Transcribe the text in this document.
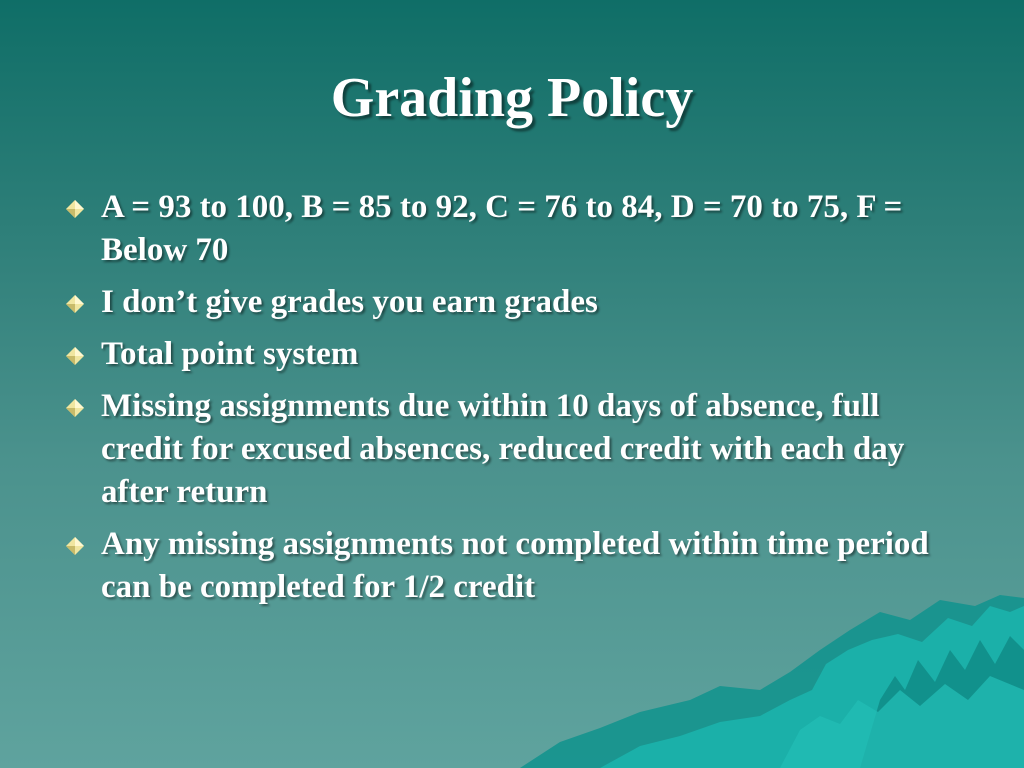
Grading Policy
A = 93 to 100, B = 85 to 92, C = 76 to 84, D = 70 to 75, F = Below 70
I don’t give grades you earn grades
Total point system
Missing assignments due within 10 days of absence, full credit for excused absences, reduced credit with each day after return
Any missing assignments not completed within time period can be completed for 1/2 credit
